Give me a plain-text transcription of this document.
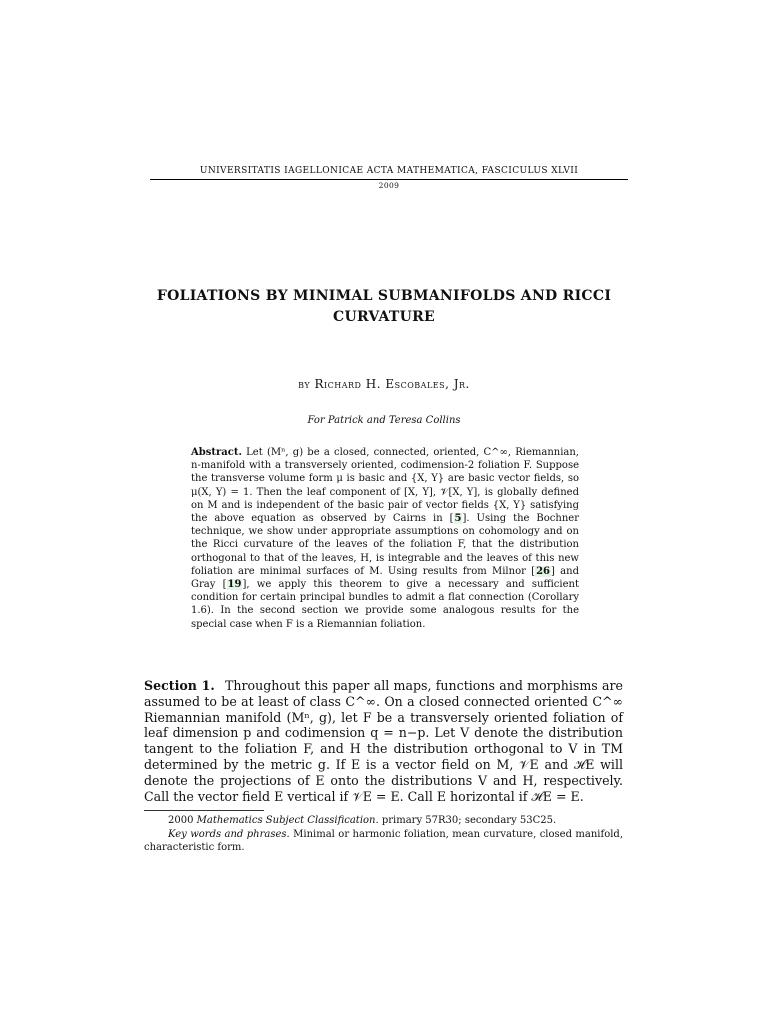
UNIVERSITATIS IAGELLONICAE ACTA MATHEMATICA, FASCICULUS XLVII
2009
FOLIATIONS BY MINIMAL SUBMANIFOLDS AND RICCI CURVATURE
by Richard H. Escobales, Jr.
For Patrick and Teresa Collins
Abstract. Let (Mⁿ, g) be a closed, connected, oriented, C^∞, Riemannian, n-manifold with a transversely oriented, codimension-2 foliation F. Suppose the transverse volume form μ is basic and {X, Y} are basic vector fields, so μ(X, Y) = 1. Then the leaf component of [X, Y], 𝒱[X, Y], is globally defined on M and is independent of the basic pair of vector fields {X, Y} satisfying the above equation as observed by Cairns in [5]. Using the Bochner technique, we show under appropriate assumptions on cohomology and on the Ricci curvature of the leaves of the foliation F, that the distribution orthogonal to that of the leaves, H, is integrable and the leaves of this new foliation are minimal surfaces of M. Using results from Milnor [26] and Gray [19], we apply this theorem to give a necessary and sufficient condition for certain principal bundles to admit a flat connection (Corollary 1.6). In the second section we provide some analogous results for the special case when F is a Riemannian foliation.
Section 1. Throughout this paper all maps, functions and morphisms are assumed to be at least of class C^∞. On a closed connected oriented C^∞ Riemannian manifold (Mⁿ, g), let F be a transversely oriented foliation of leaf dimension p and codimension q = n−p. Let V denote the distribution tangent to the foliation F, and H the distribution orthogonal to V in TM determined by the metric g. If E is a vector field on M, 𝒱E and ℋE will denote the projections of E onto the distributions V and H, respectively. Call the vector field E vertical if 𝒱E = E. Call E horizontal if ℋE = E.

2000 Mathematics Subject Classification. primary 57R30; secondary 53C25.

Key words and phrases. Minimal or harmonic foliation, mean curvature, closed manifold, characteristic form.
